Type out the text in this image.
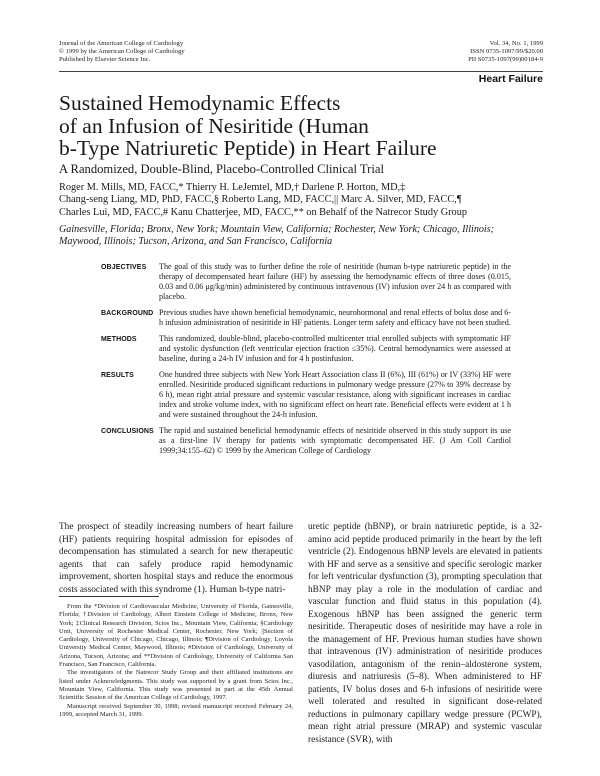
Journal of the American College of Cardiology
© 1999 by the American College of Cardiology
Published by Elsevier Science Inc.
Vol. 34, No. 1, 1999
ISSN 0735-1097/99/$20.00
PII S0735-1097(99)00184-9
Heart Failure
Sustained Hemodynamic Effects
of an Infusion of Nesiritide (Human
b-Type Natriuretic Peptide) in Heart Failure
A Randomized, Double-Blind, Placebo-Controlled Clinical Trial
Roger M. Mills, MD, FACC,* Thierry H. LeJemtel, MD,† Darlene P. Horton, MD,‡
Chang-seng Liang, MD, PhD, FACC,§ Roberto Lang, MD, FACC,|| Marc A. Silver, MD, FACC,¶
Charles Lui, MD, FACC,# Kanu Chatterjee, MD, FACC,** on Behalf of the Natrecor Study Group
Gainesville, Florida; Bronx, New York; Mountain View, California; Rochester, New York; Chicago, Illinois;
Maywood, Illinois; Tucson, Arizona, and San Francisco, California
OBJECTIVES	The goal of this study was to further define the role of nesiritide (human b-type natriuretic peptide) in the therapy of decompensated heart failure (HF) by assessing the hemodynamic effects of three doses (0.015, 0.03 and 0.06 μg/kg/min) administered by continuous intravenous (IV) infusion over 24 h as compared with placebo.
BACKGROUND Previous studies have shown beneficial hemodynamic, neurohormonal and renal effects of bolus dose and 6-h infusion administration of nesiritide in HF patients. Longer term safety and efficacy have not been studied.
METHODS	This randomized, double-blind, placebo-controlled multicenter trial enrolled subjects with symptomatic HF and systolic dysfunction (left ventricular ejection fraction ≤35%). Central hemodynamics were assessed at baseline, during a 24-h IV infusion and for 4 h postinfusion.
RESULTS	One hundred three subjects with New York Heart Association class II (6%), III (61%) or IV (33%) HF were enrolled. Nesiritide produced significant reductions in pulmonary wedge pressure (27% to 39% decrease by 6 h), mean right atrial pressure and systemic vascular resistance, along with significant increases in cardiac index and stroke volume index, with no significant effect on heart rate. Beneficial effects were evident at 1 h and were sustained throughout the 24-h infusion.
CONCLUSIONS The rapid and sustained beneficial hemodynamic effects of nesiritide observed in this study support its use as a first-line IV therapy for patients with symptomatic decompensated HF. (J Am Coll Cardiol 1999;34:155–62) © 1999 by the American College of Cardiology

The prospect of steadily increasing numbers of heart failure (HF) patients requiring hospital admission for episodes of decompensation has stimulated a search for new therapeutic agents that can safely produce rapid hemodynamic improvement, shorten hospital stays and reduce the enormous costs associated with this syndrome (1). Human b-type natri-

From the *Division of Cardiovascular Medicine, University of Florida, Gainesville, Florida; †Division of Cardiology, Albert Einstein College of Medicine, Bronx, New York; ‡Clinical Research Division, Scios Inc., Mountain View, California; §Cardiology Unit, University of Rochester Medical Center, Rochester, New York; ||Section of Cardiology, University of Chicago, Chicago, Illinois; ¶Division of Cardiology, Loyola University Medical Center, Maywood, Illinois; #Division of Cardiology, University of Arizona, Tucson, Arizona; and **Division of Cardiology, University of California San Francisco, San Francisco, California.

The investigators of the Natrecor Study Group and their affiliated institutions are listed under Acknowledgments. This study was supported by a grant from Scios Inc., Mountain View, California. This study was presented in part at the 45th Annual Scientific Session of the American College of Cardiology, 1997.

Manuscript received September 30, 1998; revised manuscript received February 24, 1999, accepted March 31, 1999.

uretic peptide (hBNP), or brain natriuretic peptide, is a 32-amino acid peptide produced primarily in the heart by the left ventricle (2). Endogenous hBNP levels are elevated in patients with HF and serve as a sensitive and specific serologic marker for left ventricular dysfunction (3), prompting speculation that hBNP may play a role in the modulation of cardiac and vascular function and fluid status in this population (4). Exogenous hBNP has been assigned the generic term nesiritide. Therapeutic doses of nesiritide may have a role in the management of HF. Previous human studies have shown that intravenous (IV) administration of nesiritide produces vasodilation, antagonism of the renin–aldosterone system, diuresis and natriuresis (5–8). When administered to HF patients, IV bolus doses and 6-h infusions of nesiritide were well tolerated and resulted in significant dose-related reductions in pulmonary capillary wedge pressure (PCWP), mean right atrial pressure (MRAP) and systemic vascular resistance (SVR), with
